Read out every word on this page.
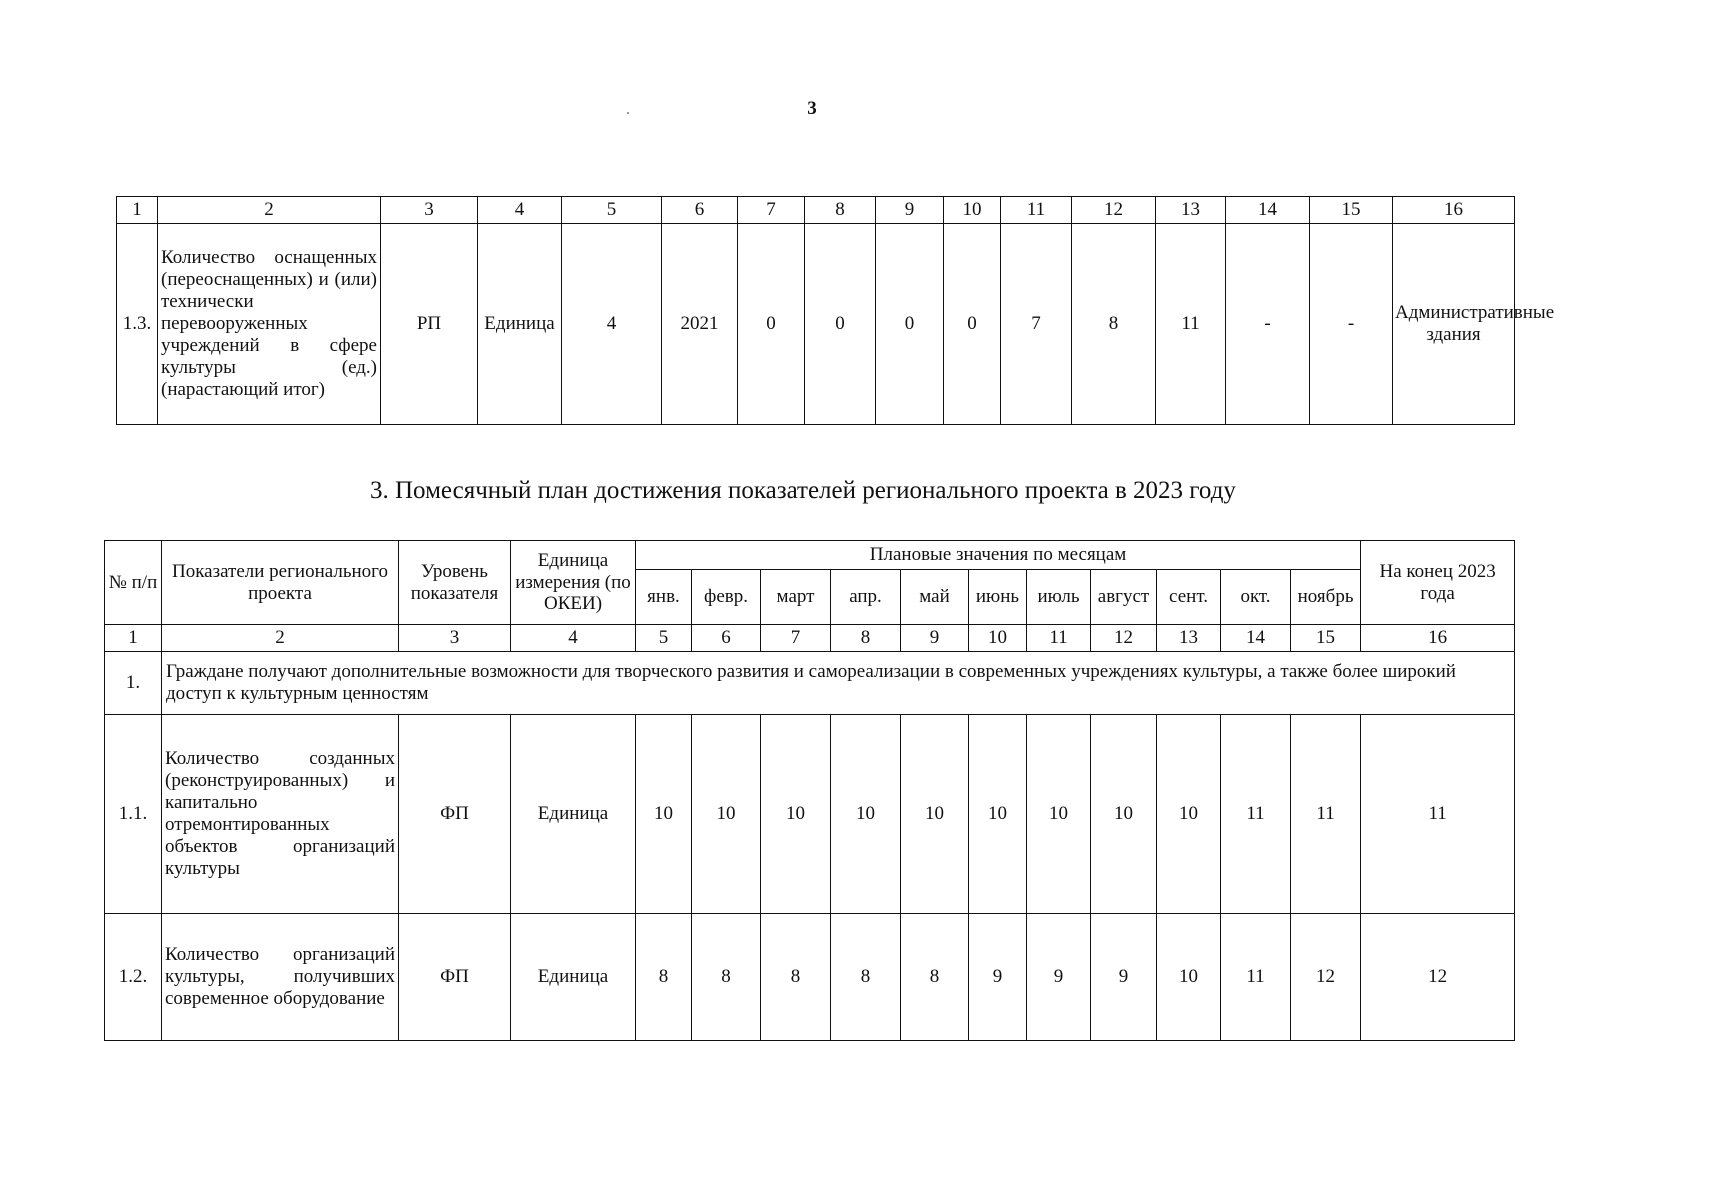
3
1	2	3	4	5	6	7	8	9	10	11	12	13	14	15	16
1.3.	Количество оснащенных (переоснащенных) и (или) технически перевооруженных учреждений в сфере культуры (ед.) (нарастающий итог)	РП	Единица	4	2021	0	0	0	0	7	8	11	-	-	Административные здания
3. Помесячный план достижения показателей регионального проекта в 2023 году
№ п/п	Показатели регионального проекта	Уровень показателя	Единица измерения (по ОКЕИ)	Плановые значения по месяцам											На конец 2023 года
				янв.	февр.	март	апр.	май	июнь	июль	август	сент.	окт.	ноябрь	
1	2	3	4	5	6	7	8	9	10	11	12	13	14	15	16
1.	Граждане получают дополнительные возможности для творческого развития и самореализации в современных учреждениях культуры, а также более широкий доступ к культурным ценностям														
1.1.	Количество созданных (реконструированных) и капитально отремонтированных объектов организаций культуры	ФП	Единица	10	10	10	10	10	10	10	10	10	11	11	11
1.2.	Количество организаций культуры, получивших современное оборудование	ФП	Единица	8	8	8	8	8	9	9	9	10	11	12	12
